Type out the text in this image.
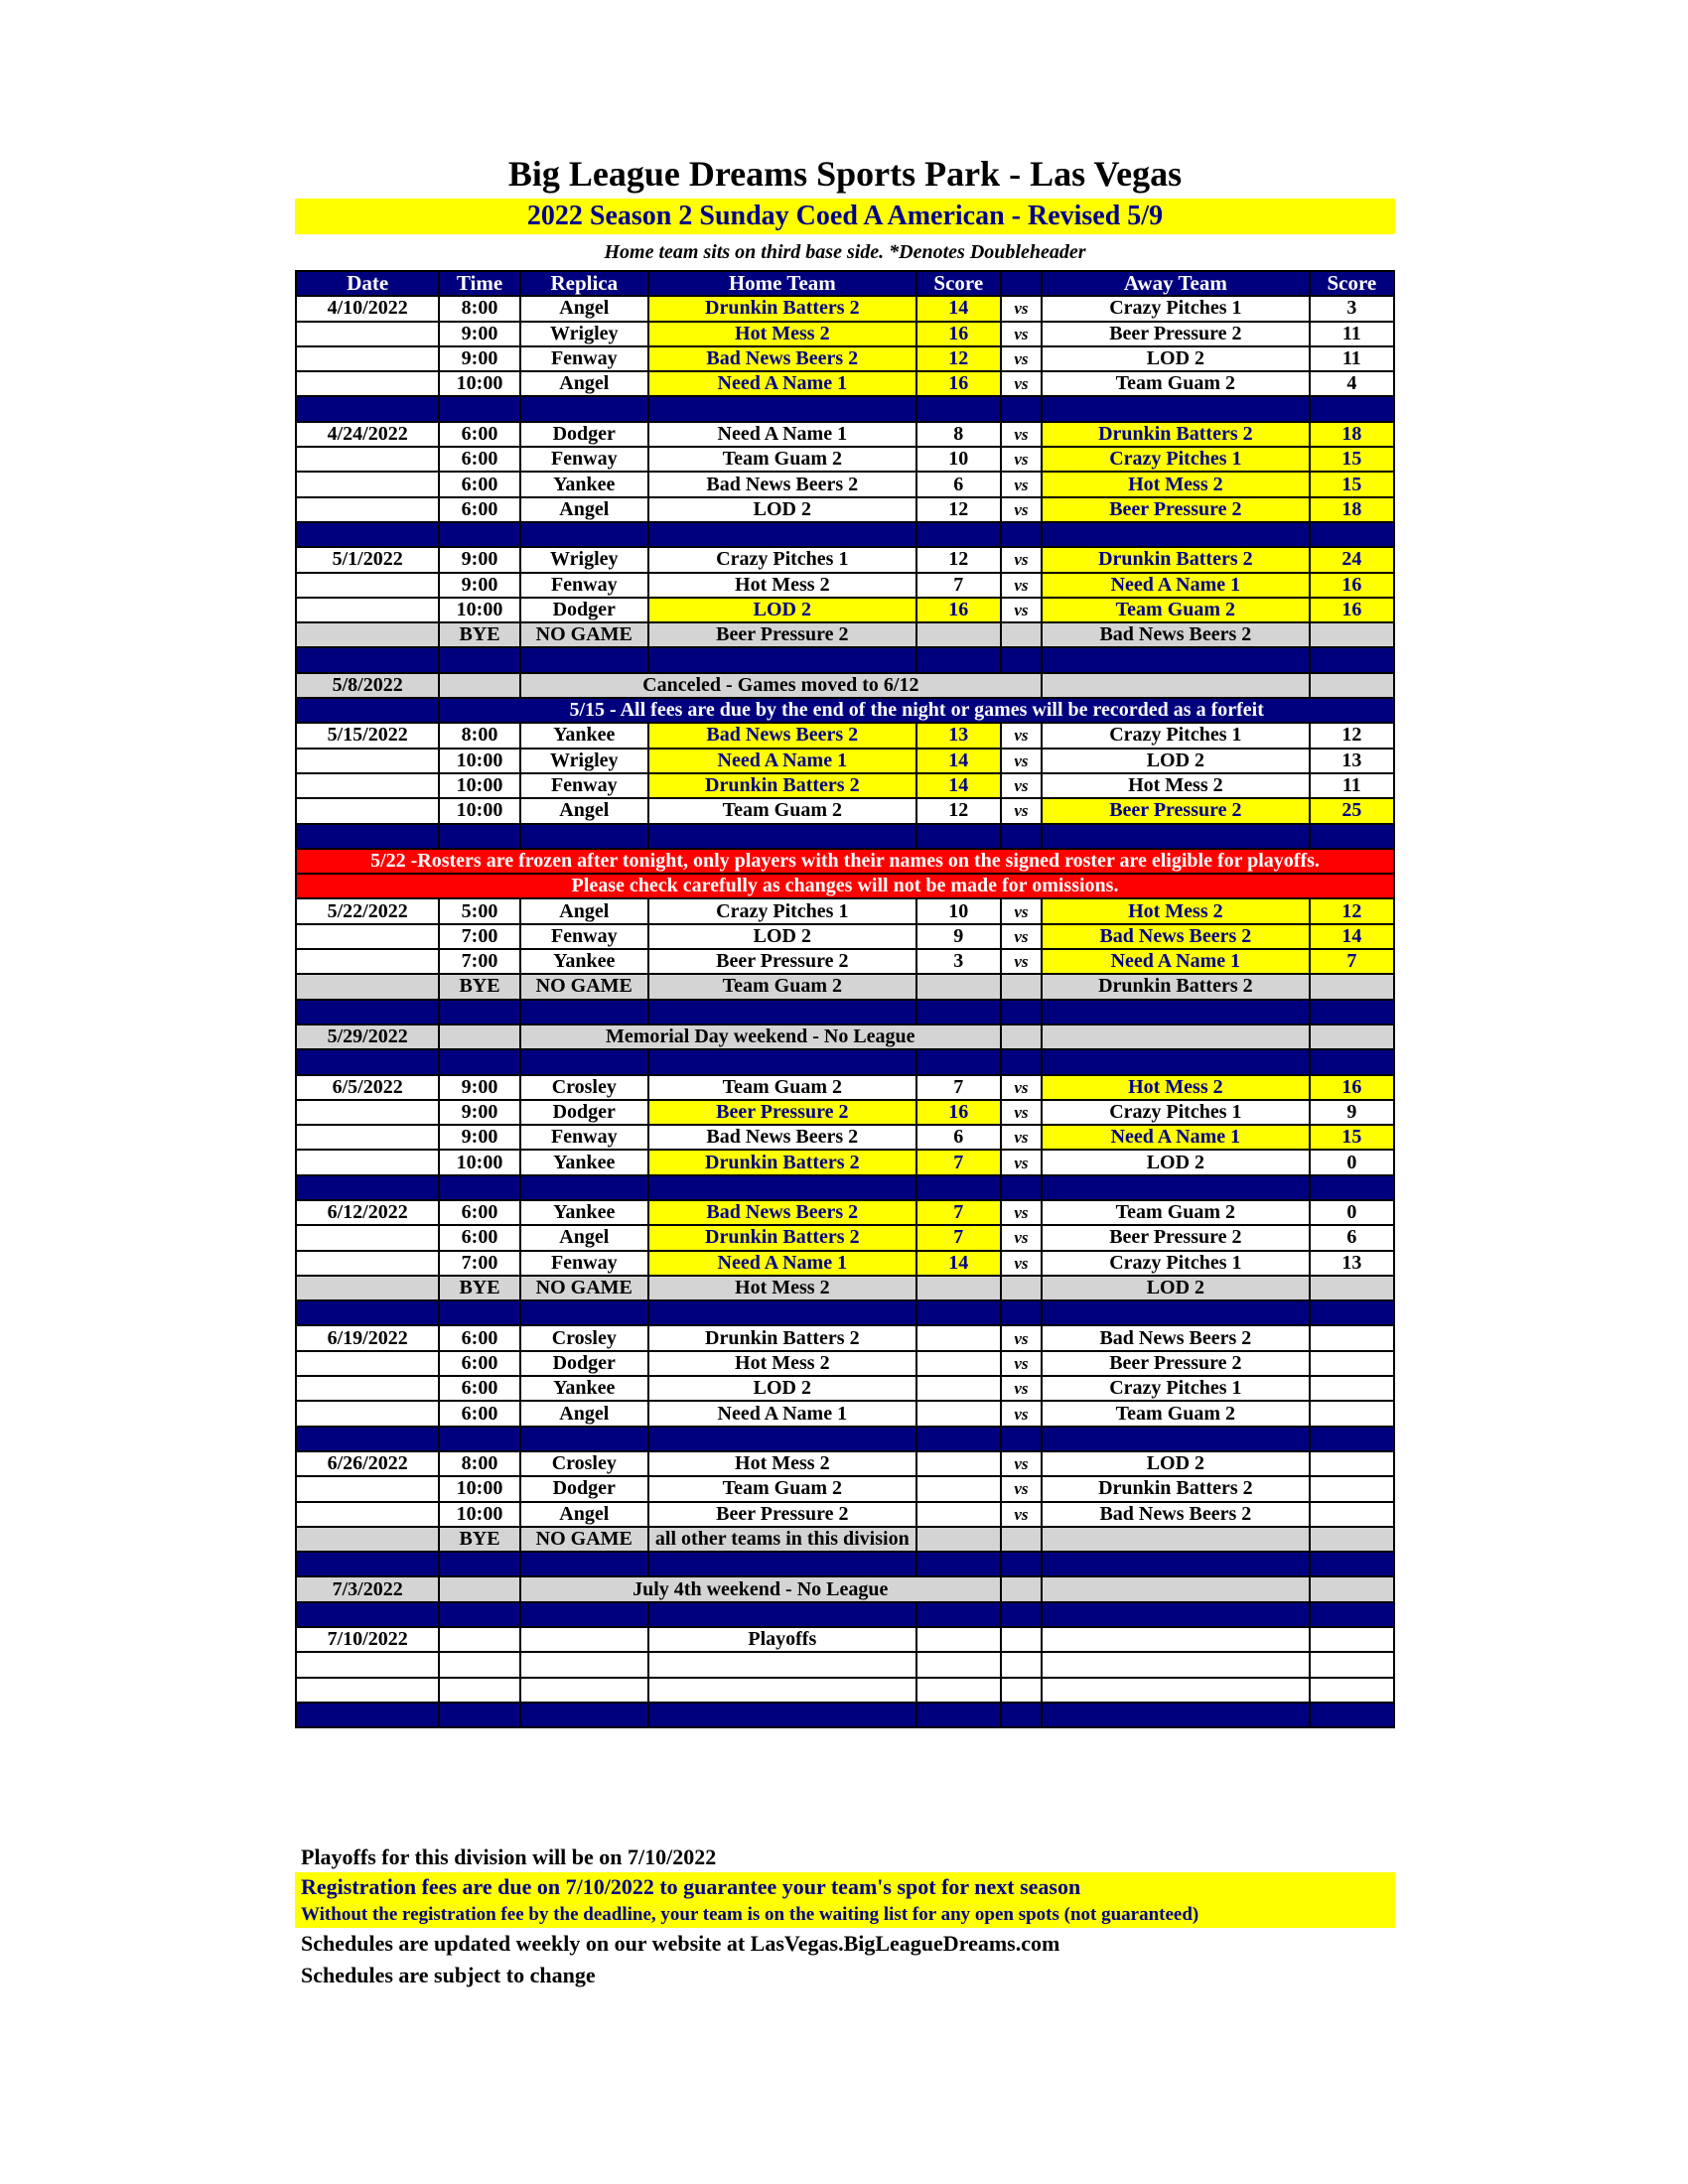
Big League Dreams Sports Park - Las Vegas
2022 Season 2 Sunday Coed A American - Revised 5/9
Home team sits on third base side. *Denotes Doubleheader
Date	Time	Replica	Home Team	Score		Away Team	Score
4/10/2022	8:00	Angel	Drunkin Batters 2	14	vs	Crazy Pitches 1	3
	9:00	Wrigley	Hot Mess 2	16	vs	Beer Pressure 2	11
	9:00	Fenway	Bad News Beers 2	12	vs	LOD 2	11
	10:00	Angel	Need A Name 1	16	vs	Team Guam 2	4

4/24/2022	6:00	Dodger	Need A Name 1	8	vs	Drunkin Batters 2	18
	6:00	Fenway	Team Guam 2	10	vs	Crazy Pitches 1	15
	6:00	Yankee	Bad News Beers 2	6	vs	Hot Mess 2	15
	6:00	Angel	LOD 2	12	vs	Beer Pressure 2	18

5/1/2022	9:00	Wrigley	Crazy Pitches 1	12	vs	Drunkin Batters 2	24
	9:00	Fenway	Hot Mess 2	7	vs	Need A Name 1	16
	10:00	Dodger	LOD 2	16	vs	Team Guam 2	16
	BYE	NO GAME	Beer Pressure 2			Bad News Beers 2	

5/8/2022		Canceled - Games moved to 6/12					
	5/15 - All fees are due by the end of the night or games will be recorded as a forfeit						
5/15/2022	8:00	Yankee	Bad News Beers 2	13	vs	Crazy Pitches 1	12
	10:00	Wrigley	Need A Name 1	14	vs	LOD 2	13
	10:00	Fenway	Drunkin Batters 2	14	vs	Hot Mess 2	11
	10:00	Angel	Team Guam 2	12	vs	Beer Pressure 2	25

5/22 -Rosters are frozen after tonight, only players with their names on the signed roster are eligible for playoffs.							
Please check carefully as changes will not be made for omissions.							
5/22/2022	5:00	Angel	Crazy Pitches 1	10	vs	Hot Mess 2	12
	7:00	Fenway	LOD 2	9	vs	Bad News Beers 2	14
	7:00	Yankee	Beer Pressure 2	3	vs	Need A Name 1	7
	BYE	NO GAME	Team Guam 2			Drunkin Batters 2	

5/29/2022		Memorial Day weekend - No League					

6/5/2022	9:00	Crosley	Team Guam 2	7	vs	Hot Mess 2	16
	9:00	Dodger	Beer Pressure 2	16	vs	Crazy Pitches 1	9
	9:00	Fenway	Bad News Beers 2	6	vs	Need A Name 1	15
	10:00	Yankee	Drunkin Batters 2	7	vs	LOD 2	0

6/12/2022	6:00	Yankee	Bad News Beers 2	7	vs	Team Guam 2	0
	6:00	Angel	Drunkin Batters 2	7	vs	Beer Pressure 2	6
	7:00	Fenway	Need A Name 1	14	vs	Crazy Pitches 1	13
	BYE	NO GAME	Hot Mess 2			LOD 2	

6/19/2022	6:00	Crosley	Drunkin Batters 2		vs	Bad News Beers 2	
	6:00	Dodger	Hot Mess 2		vs	Beer Pressure 2	
	6:00	Yankee	LOD 2		vs	Crazy Pitches 1	
	6:00	Angel	Need A Name 1		vs	Team Guam 2	

6/26/2022	8:00	Crosley	Hot Mess 2		vs	LOD 2	
	10:00	Dodger	Team Guam 2		vs	Drunkin Batters 2	
	10:00	Angel	Beer Pressure 2		vs	Bad News Beers 2	
	BYE	NO GAME	all other teams in this division				

7/3/2022		July 4th weekend - No League					

7/10/2022			Playoffs				

Playoffs for this division will be on 7/10/2022
Registration fees are due on 7/10/2022 to guarantee your team's spot for next season
Without the registration fee by the deadline, your team is on the waiting list for any open spots (not guaranteed)
Schedules are updated weekly on our website at LasVegas.BigLeagueDreams.com
Schedules are subject to change
